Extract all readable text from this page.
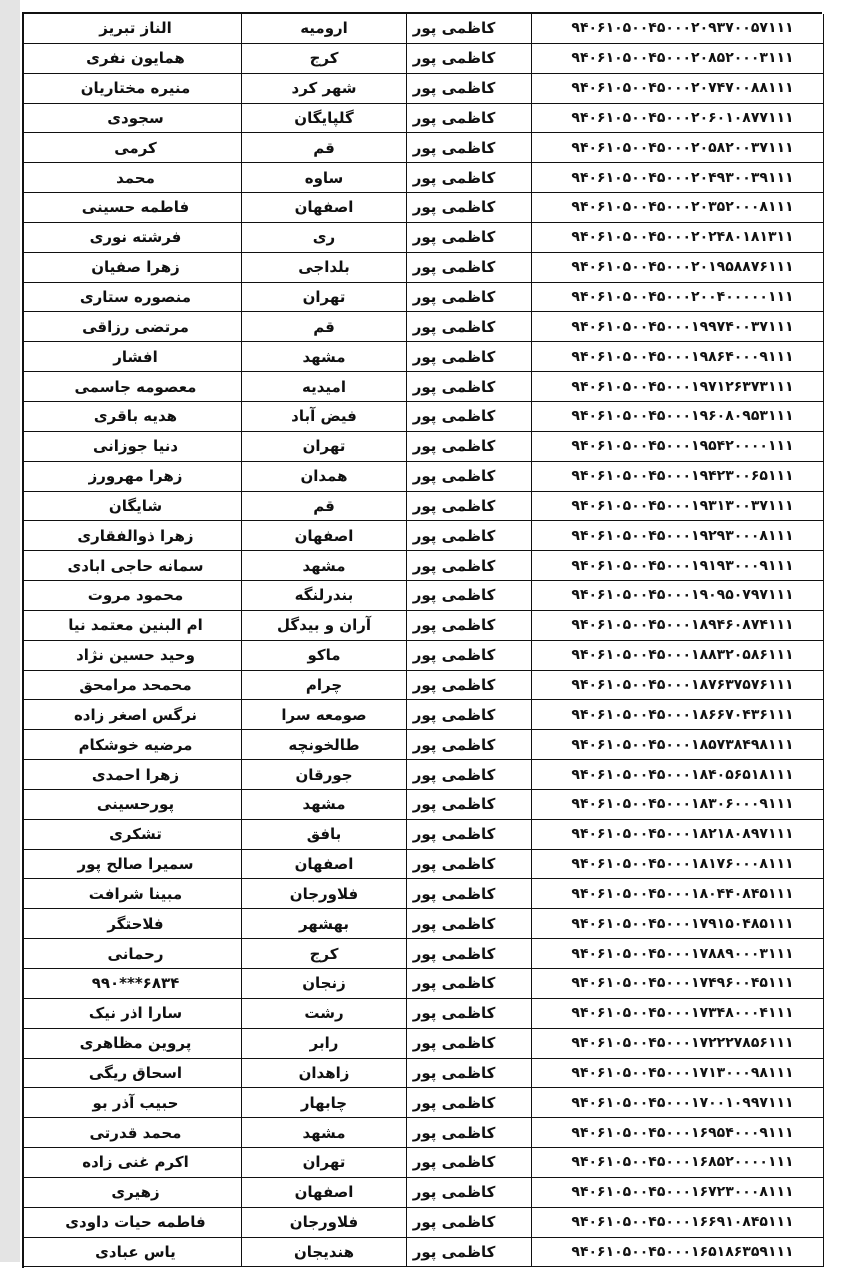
الناز تبریز	ارومیه	کاظمی پور	۹۴۰۶۱۰۵۰۰۴۵۰۰۰۲۰۹۳۷۰۰۵۷۱۱۱
همایون نفری	کرج	کاظمی پور	۹۴۰۶۱۰۵۰۰۴۵۰۰۰۲۰۸۵۲۰۰۰۳۱۱۱
منیره مختاریان	شهر کرد	کاظمی پور	۹۴۰۶۱۰۵۰۰۴۵۰۰۰۲۰۷۴۷۰۰۸۸۱۱۱
سجودی	گلپایگان	کاظمی پور	۹۴۰۶۱۰۵۰۰۴۵۰۰۰۲۰۶۰۱۰۸۷۷۱۱۱
کرمی	قم	کاظمی پور	۹۴۰۶۱۰۵۰۰۴۵۰۰۰۲۰۵۸۲۰۰۳۷۱۱۱
محمد	ساوه	کاظمی پور	۹۴۰۶۱۰۵۰۰۴۵۰۰۰۲۰۴۹۳۰۰۳۹۱۱۱
فاطمه حسینی	اصفهان	کاظمی پور	۹۴۰۶۱۰۵۰۰۴۵۰۰۰۲۰۳۵۲۰۰۰۸۱۱۱
فرشته نوری	ری	کاظمی پور	۹۴۰۶۱۰۵۰۰۴۵۰۰۰۲۰۲۴۸۰۱۸۱۳۱۱
زهرا صفیان	بلداجی	کاظمی پور	۹۴۰۶۱۰۵۰۰۴۵۰۰۰۲۰۱۹۵۸۸۷۶۱۱۱
منصوره ستاری	تهران	کاظمی پور	۹۴۰۶۱۰۵۰۰۴۵۰۰۰۲۰۰۴۰۰۰۰۰۱۱۱
مرتضی رزاقی	قم	کاظمی پور	۹۴۰۶۱۰۵۰۰۴۵۰۰۰۱۹۹۷۴۰۰۳۷۱۱۱
افشار	مشهد	کاظمی پور	۹۴۰۶۱۰۵۰۰۴۵۰۰۰۱۹۸۶۴۰۰۰۹۱۱۱
معصومه جاسمی	امیدیه	کاظمی پور	۹۴۰۶۱۰۵۰۰۴۵۰۰۰۱۹۷۱۲۶۳۷۳۱۱۱
هدیه باقری	فیض آباد	کاظمی پور	۹۴۰۶۱۰۵۰۰۴۵۰۰۰۱۹۶۰۸۰۹۵۳۱۱۱
دنیا جوزانی	تهران	کاظمی پور	۹۴۰۶۱۰۵۰۰۴۵۰۰۰۱۹۵۴۲۰۰۰۰۱۱۱
زهرا مهرورز	همدان	کاظمی پور	۹۴۰۶۱۰۵۰۰۴۵۰۰۰۱۹۴۲۳۰۰۶۵۱۱۱
شایگان	قم	کاظمی پور	۹۴۰۶۱۰۵۰۰۴۵۰۰۰۱۹۳۱۳۰۰۳۷۱۱۱
زهرا ذوالفقاری	اصفهان	کاظمی پور	۹۴۰۶۱۰۵۰۰۴۵۰۰۰۱۹۲۹۳۰۰۰۸۱۱۱
سمانه حاجی ابادی	مشهد	کاظمی پور	۹۴۰۶۱۰۵۰۰۴۵۰۰۰۱۹۱۹۳۰۰۰۹۱۱۱
محمود مروت	بندرلنگه	کاظمی پور	۹۴۰۶۱۰۵۰۰۴۵۰۰۰۱۹۰۹۵۰۷۹۷۱۱۱
ام البنین معتمد نیا	آران و بیدگل	کاظمی پور	۹۴۰۶۱۰۵۰۰۴۵۰۰۰۱۸۹۴۶۰۸۷۴۱۱۱
وحید حسین نژاد	ماکو	کاظمی پور	۹۴۰۶۱۰۵۰۰۴۵۰۰۰۱۸۸۳۲۰۵۸۶۱۱۱
محمحد مرامحق	چرام	کاظمی پور	۹۴۰۶۱۰۵۰۰۴۵۰۰۰۱۸۷۶۳۷۵۷۶۱۱۱
نرگس اصغر زاده	صومعه سرا	کاظمی پور	۹۴۰۶۱۰۵۰۰۴۵۰۰۰۱۸۶۶۷۰۴۳۶۱۱۱
مرضیه خوشکام	طالخونچه	کاظمی پور	۹۴۰۶۱۰۵۰۰۴۵۰۰۰۱۸۵۷۳۸۴۹۸۱۱۱
زهرا احمدی	جورقان	کاظمی پور	۹۴۰۶۱۰۵۰۰۴۵۰۰۰۱۸۴۰۵۶۵۱۸۱۱۱
پورحسینی	مشهد	کاظمی پور	۹۴۰۶۱۰۵۰۰۴۵۰۰۰۱۸۳۰۶۰۰۰۹۱۱۱
تشکری	بافق	کاظمی پور	۹۴۰۶۱۰۵۰۰۴۵۰۰۰۱۸۲۱۸۰۸۹۷۱۱۱
سمیرا صالح پور	اصفهان	کاظمی پور	۹۴۰۶۱۰۵۰۰۴۵۰۰۰۱۸۱۷۶۰۰۰۸۱۱۱
مبینا شرافت	فلاورجان	کاظمی پور	۹۴۰۶۱۰۵۰۰۴۵۰۰۰۱۸۰۴۴۰۸۴۵۱۱۱
فلاحتگر	بهشهر	کاظمی پور	۹۴۰۶۱۰۵۰۰۴۵۰۰۰۱۷۹۱۵۰۴۸۵۱۱۱
رحمانی	کرج	کاظمی پور	۹۴۰۶۱۰۵۰۰۴۵۰۰۰۱۷۸۸۹۰۰۰۳۱۱۱
۹۹۰***۶۸۳۴	زنجان	کاظمی پور	۹۴۰۶۱۰۵۰۰۴۵۰۰۰۱۷۴۹۶۰۰۴۵۱۱۱
سارا اذر نیک	رشت	کاظمی پور	۹۴۰۶۱۰۵۰۰۴۵۰۰۰۱۷۳۴۸۰۰۰۴۱۱۱
پروین مظاهری	رابر	کاظمی پور	۹۴۰۶۱۰۵۰۰۴۵۰۰۰۱۷۲۲۲۷۸۵۶۱۱۱
اسحاق ریگی	زاهدان	کاظمی پور	۹۴۰۶۱۰۵۰۰۴۵۰۰۰۱۷۱۳۰۰۰۹۸۱۱۱
حبیب آذر بو	چابهار	کاظمی پور	۹۴۰۶۱۰۵۰۰۴۵۰۰۰۱۷۰۰۱۰۹۹۷۱۱۱
محمد قدرتی	مشهد	کاظمی پور	۹۴۰۶۱۰۵۰۰۴۵۰۰۰۱۶۹۵۴۰۰۰۹۱۱۱
اکرم غنی زاده	تهران	کاظمی پور	۹۴۰۶۱۰۵۰۰۴۵۰۰۰۱۶۸۵۲۰۰۰۰۱۱۱
زهیری	اصفهان	کاظمی پور	۹۴۰۶۱۰۵۰۰۴۵۰۰۰۱۶۷۲۳۰۰۰۸۱۱۱
فاطمه حیات داودی	فلاورجان	کاظمی پور	۹۴۰۶۱۰۵۰۰۴۵۰۰۰۱۶۶۹۱۰۸۴۵۱۱۱
یاس عبادی	هندیجان	کاظمی پور	۹۴۰۶۱۰۵۰۰۴۵۰۰۰۱۶۵۱۸۶۳۵۹۱۱۱
